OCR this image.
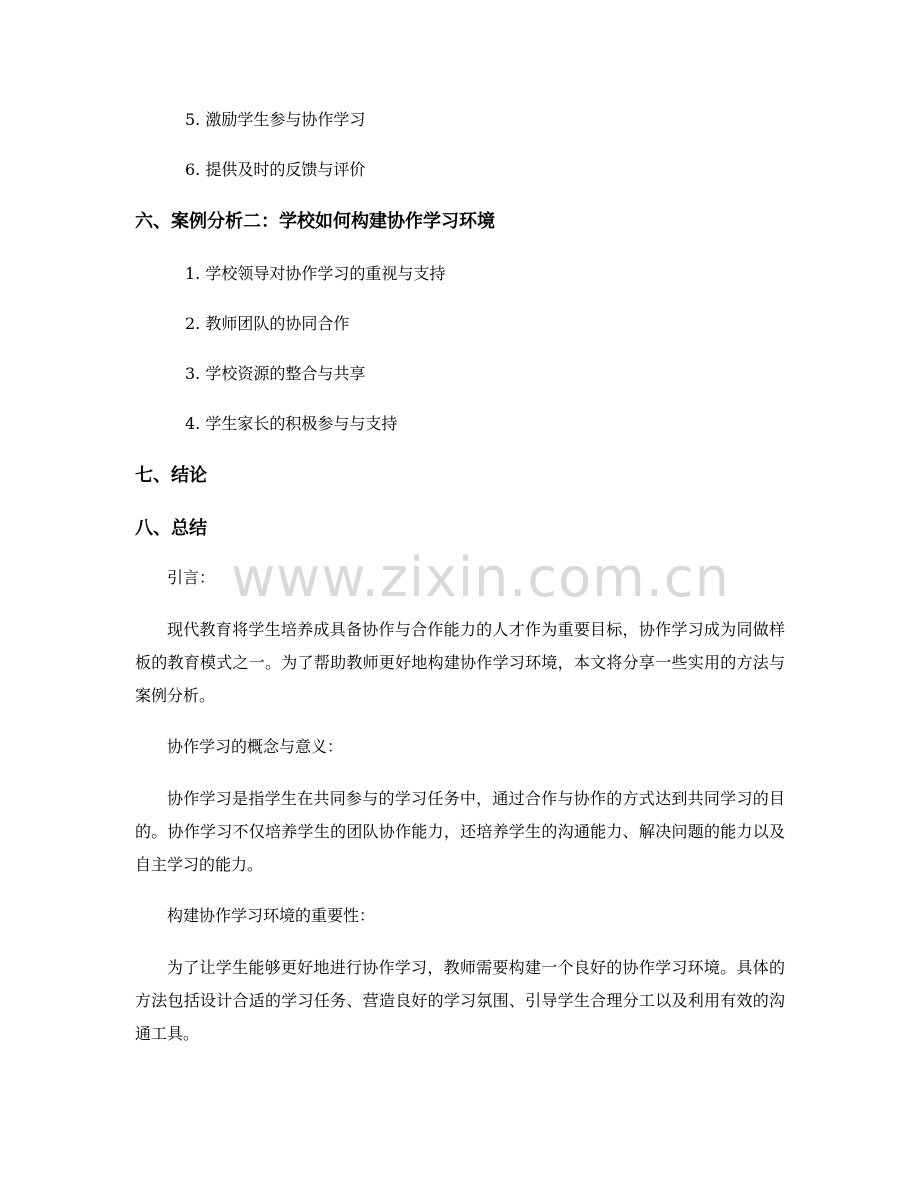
www.zixin.com.cn
5. 激励学生参与协作学习
6. 提供及时的反馈与评价
六、案例分析二：学校如何构建协作学习环境
1. 学校领导对协作学习的重视与支持
2. 教师团队的协同合作
3. 学校资源的整合与共享
4. 学生家长的积极参与与支持
七、结论
八、总结
引言：
现代教育将学生培养成具备协作与合作能力的人才作为重要目标，协作学习成为同做样板的教育模式之一。为了帮助教师更好地构建协作学习环境，本文将分享一些实用的方法与案例分析。
协作学习的概念与意义：
协作学习是指学生在共同参与的学习任务中，通过合作与协作的方式达到共同学习的目的。协作学习不仅培养学生的团队协作能力，还培养学生的沟通能力、解决问题的能力以及自主学习的能力。
构建协作学习环境的重要性：
为了让学生能够更好地进行协作学习，教师需要构建一个良好的协作学习环境。具体的方法包括设计合适的学习任务、营造良好的学习氛围、引导学生合理分工以及利用有效的沟通工具。
